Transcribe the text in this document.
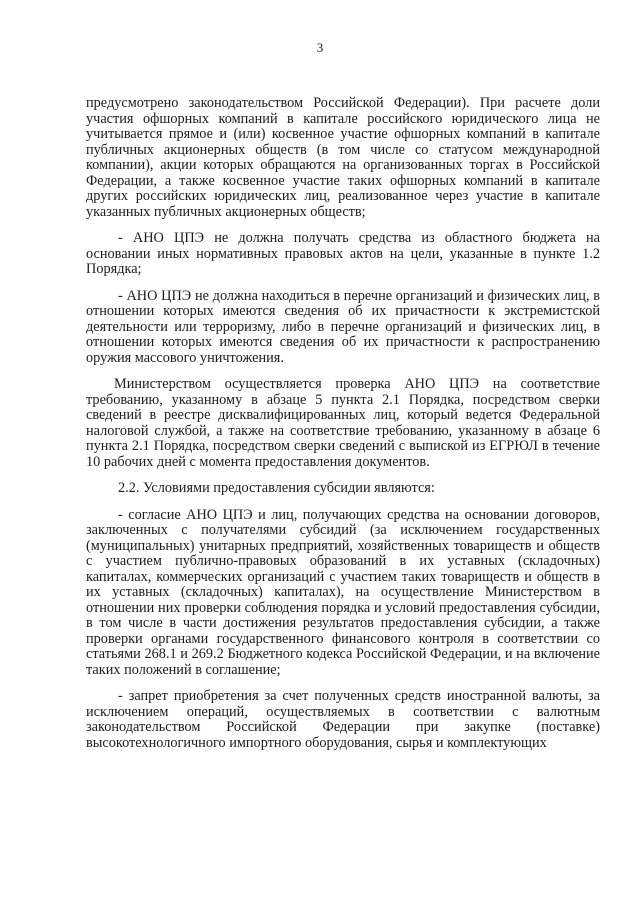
3

предусмотрено законодательством Российской Федерации). При расчете доли участия офшорных компаний в капитале российского юридического лица не учитывается прямое и (или) косвенное участие офшорных компаний в капитале публичных акционерных обществ (в том числе со статусом международной компании), акции которых обращаются на организованных торгах в Российской Федерации, а также косвенное участие таких офшорных компаний в капитале других российских юридических лиц, реализованное через участие в капитале указанных публичных акционерных обществ;

- АНО ЦПЭ не должна получать средства из областного бюджета на основании иных нормативных правовых актов на цели, указанные в пункте 1.2 Порядка;

- АНО ЦПЭ не должна находиться в перечне организаций и физических лиц, в отношении которых имеются сведения об их причастности к экстремистской деятельности или терроризму, либо в перечне организаций и физических лиц, в отношении которых имеются сведения об их причастности к распространению оружия массового уничтожения.

Министерством осуществляется проверка АНО ЦПЭ на соответствие требованию, указанному в абзаце 5 пункта 2.1 Порядка, посредством сверки сведений в реестре дисквалифицированных лиц, который ведется Федеральной налоговой службой, а также на соответствие требованию, указанному в абзаце 6 пункта 2.1 Порядка, посредством сверки сведений с выпиской из ЕГРЮЛ в течение 10 рабочих дней с момента предоставления документов.

2.2. Условиями предоставления субсидии являются:

- согласие АНО ЦПЭ и лиц, получающих средства на основании договоров, заключенных с получателями субсидий (за исключением государственных (муниципальных) унитарных предприятий, хозяйственных товариществ и обществ с участием публично-правовых образований в их уставных (складочных) капиталах, коммерческих организаций с участием таких товариществ и обществ в их уставных (складочных) капиталах), на осуществление Министерством в отношении них проверки соблюдения порядка и условий предоставления субсидии, в том числе в части достижения результатов предоставления субсидии, а также проверки органами государственного финансового контроля в соответствии со статьями 268.1 и 269.2 Бюджетного кодекса Российской Федерации, и на включение таких положений в соглашение;

- запрет приобретения за счет полученных средств иностранной валюты, за исключением операций, осуществляемых в соответствии с валютным законодательством Российской Федерации при закупке (поставке) высокотехнологичного импортного оборудования, сырья и комплектующих
